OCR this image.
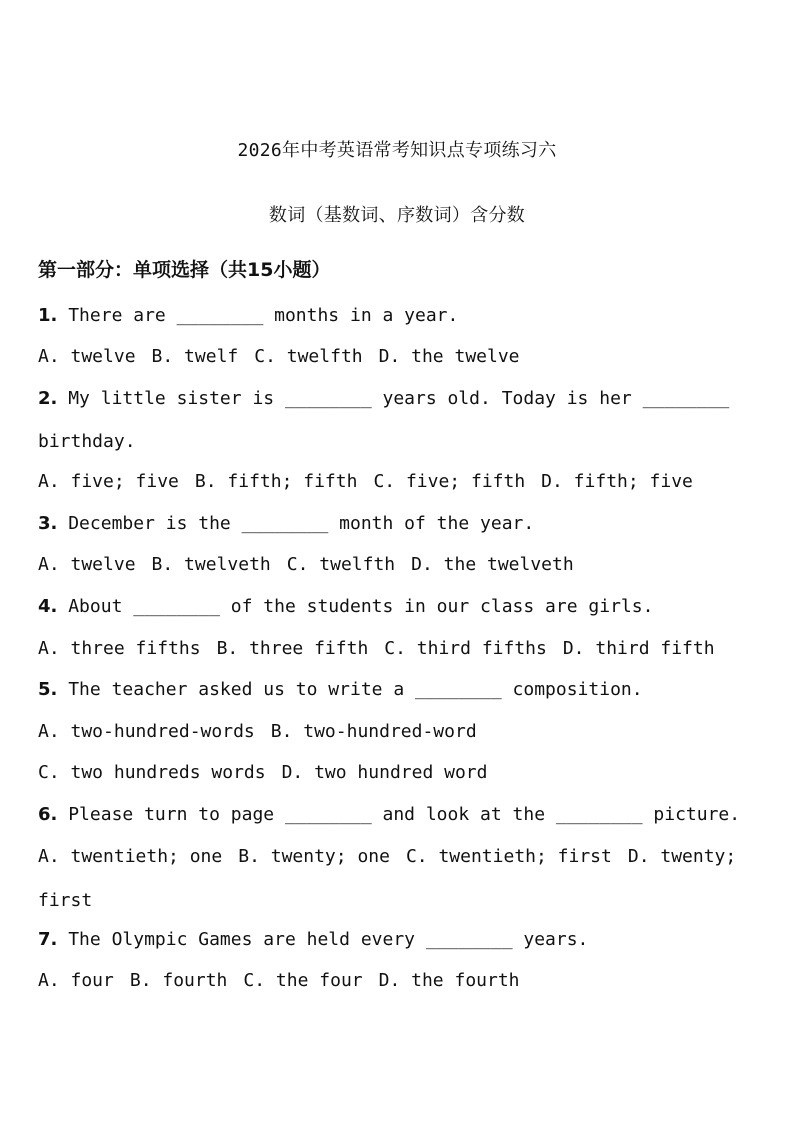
2026年中考英语常考知识点专项练习六
数词（基数词、序数词）含分数
第一部分：单项选择（共15小题）
1. There are ________ months in a year.
A. twelve B. twelf C. twelfth D. the twelve
2. My little sister is ________ years old. Today is her ________
birthday.
A. five; five B. fifth; fifth C. five; fifth D. fifth; five
3. December is the ________ month of the year.
A. twelve B. twelveth C. twelfth D. the twelveth
4. About ________ of the students in our class are girls.
A. three fifths B. three fifth C. third fifths D. third fifth
5. The teacher asked us to write a ________ composition.
A. two-hundred-words B. two-hundred-word
C. two hundreds words D. two hundred word
6. Please turn to page ________ and look at the ________ picture.
A. twentieth; one B. twenty; one C. twentieth; first D. twenty;
first
7. The Olympic Games are held every ________ years.
A. four B. fourth C. the four D. the fourth
